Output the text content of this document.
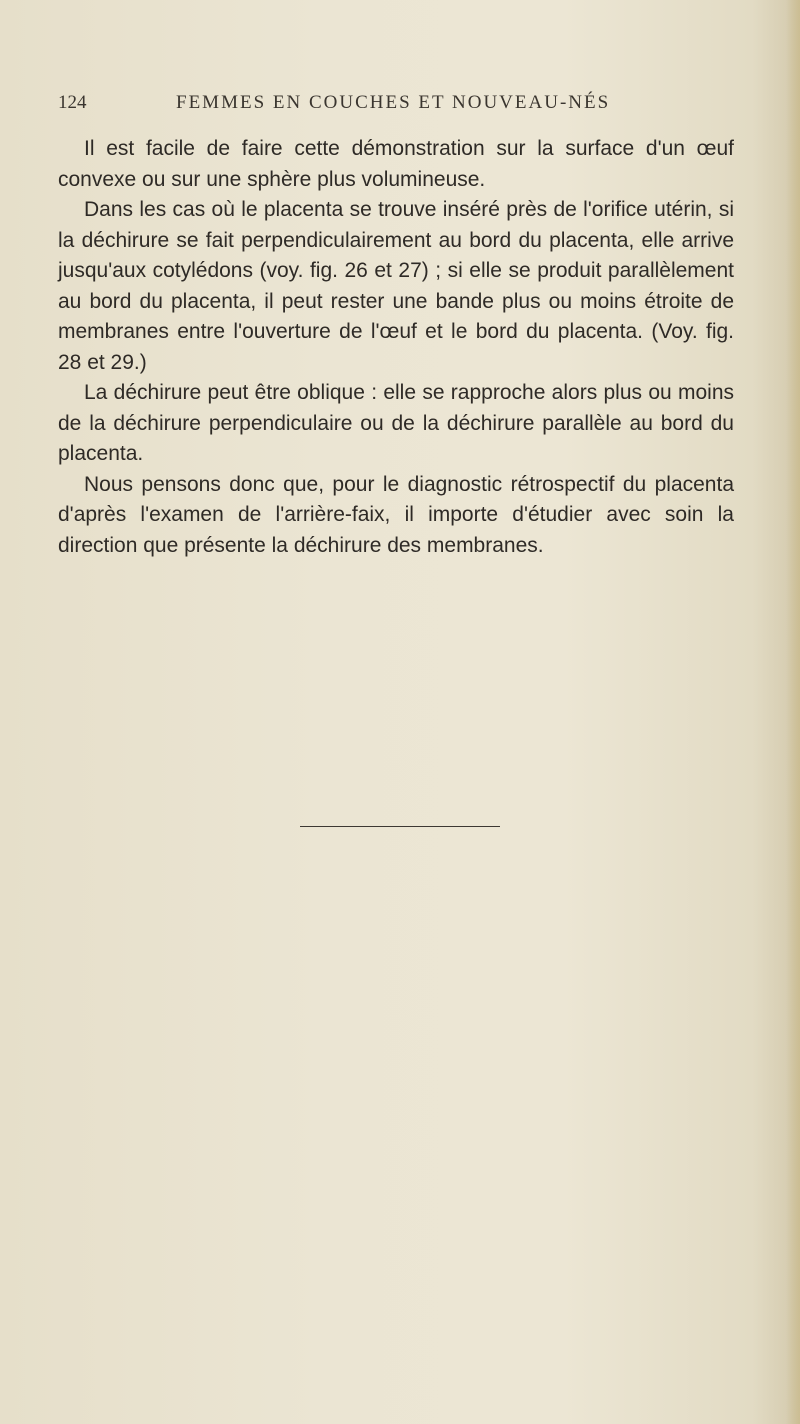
124	FEMMES EN COUCHES ET NOUVEAU-NÉS

Il est facile de faire cette démonstration sur la surface d'un œuf convexe ou sur une sphère plus volumineuse.

Dans les cas où le placenta se trouve inséré près de l'orifice utérin, si la déchirure se fait perpendiculairement au bord du placenta, elle arrive jusqu'aux cotylédons (voy. fig. 26 et 27) ; si elle se produit parallèlement au bord du placenta, il peut rester une bande plus ou moins étroite de membranes entre l'ouverture de l'œuf et le bord du placenta. (Voy. fig. 28 et 29.)

La déchirure peut être oblique : elle se rapproche alors plus ou moins de la déchirure perpendiculaire ou de la déchirure parallèle au bord du placenta.

Nous pensons donc que, pour le diagnostic rétrospectif du placenta d'après l'examen de l'arrière-faix, il importe d'étudier avec soin la direction que présente la déchirure des membranes.
